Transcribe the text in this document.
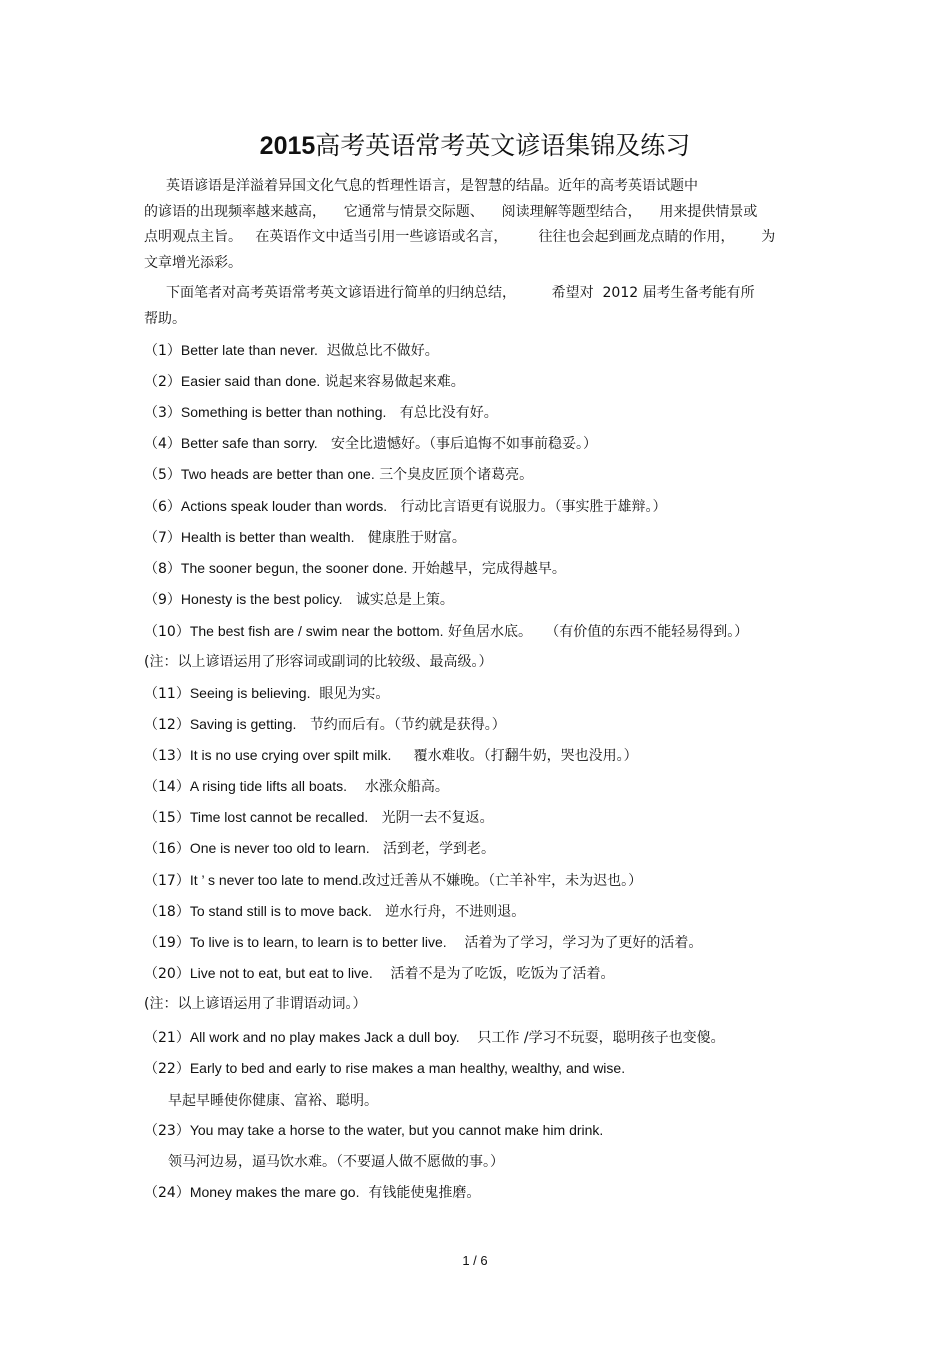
2015高考英语常考英文谚语集锦及练习
英语谚语是洋溢着异国文化气息的哲理性语言，是智慧的结晶。近年的高考英语试题中
的谚语的出现频率越来越高，    它通常与情景交际题、    阅读理解等题型结合，    用来提供情景或
点明观点主旨。   在英语作文中适当引用一些谚语或名言，       往往也会起到画龙点睛的作用，      为
文章增光添彩。
下面笔者对高考英语常考英文谚语进行简单的归纳总结，        希望对  2012 届考生备考能有所
帮助。
（1）Better late than never. 迟做总比不做好。
（2）Easier said than done. 说起来容易做起来难。
（3）Something is better than nothing. 有总比没有好。
（4）Better safe than sorry. 安全比遗憾好。（事后追悔不如事前稳妥。）
（5）Two heads are better than one. 三个臭皮匠顶个诸葛亮。
（6）Actions speak louder than words. 行动比言语更有说服力。（事实胜于雄辩。）
（7）Health is better than wealth. 健康胜于财富。
（8）The sooner begun, the sooner done. 开始越早，完成得越早。
（9）Honesty is the best policy. 诚实总是上策。
（10）The best fish are / swim near the bottom. 好鱼居水底。   （有价值的东西不能轻易得到。）
(注：以上谚语运用了形容词或副词的比较级、最高级。）
（11）Seeing is believing. 眼见为实。
（12）Saving is getting. 节约而后有。（节约就是获得。）
（13）It is no use crying over spilt milk. 覆水难收。（打翻牛奶，哭也没用。）
（14）A rising tide lifts all boats. 水涨众船高。
（15）Time lost cannot be recalled. 光阴一去不复返。
（16）One is never too old to learn. 活到老，学到老。
（17）It ’ s never too late to mend.改过迁善从不嫌晚。（亡羊补牢，未为迟也。）
（18）To stand still is to move back. 逆水行舟，不进则退。
（19）To live is to learn, to learn is to better live. 活着为了学习，学习为了更好的活着。
（20）Live not to eat, but eat to live. 活着不是为了吃饭，吃饭为了活着。
(注：以上谚语运用了非谓语动词。）
（21）All work and no play makes Jack a dull boy. 只工作 /学习不玩耍，聪明孩子也变傻。
（22）Early to bed and early to rise makes a man healthy, wealthy, and wise.
早起早睡使你健康、富裕、聪明。
（23）You may take a horse to the water, but you cannot make him drink.
领马河边易，逼马饮水难。（不要逼人做不愿做的事。）
（24）Money makes the mare go. 有钱能使鬼推磨。
1 / 6
